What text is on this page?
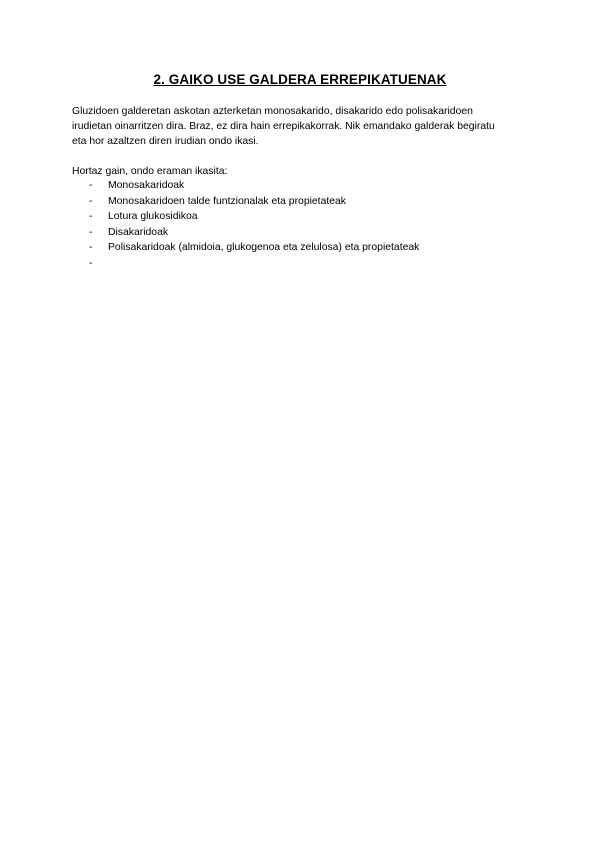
2. GAIKO USE GALDERA ERREPIKATUENAK
Gluzidoen galderetan askotan azterketan monosakarido, disakarido edo polisakaridoen
irudietan oinarritzen dira. Braz, ez dira hain errepikakorrak. Nik emandako galderak begiratu
eta hor azaltzen diren irudian ondo ikasi.
Hortaz gain, ondo eraman ikasita:
- Monosakaridoak
- Monosakaridoen talde funtzionalak eta propietateak
- Lotura glukosidikoa
- Disakaridoak
- Polisakaridoak (almidoia, glukogenoa eta zelulosa) eta propietateak
-
